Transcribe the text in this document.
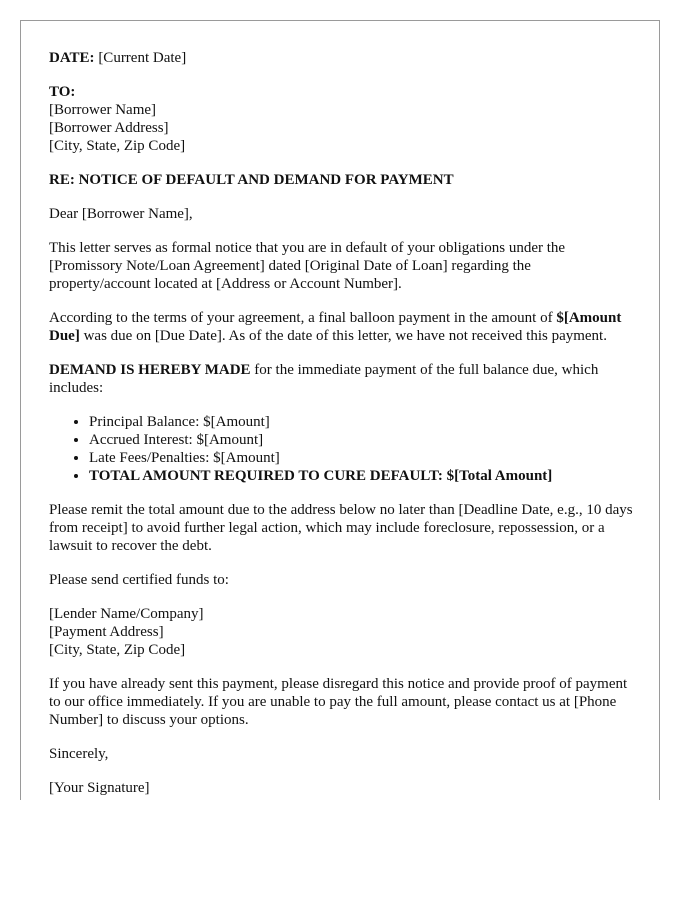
DATE: [Current Date]

TO:
[Borrower Name]
[Borrower Address]
[City, State, Zip Code]

RE: NOTICE OF DEFAULT AND DEMAND FOR PAYMENT

Dear [Borrower Name],

This letter serves as formal notice that you are in default of your obligations under the [Promissory Note/Loan Agreement] dated [Original Date of Loan] regarding the property/account located at [Address or Account Number].

According to the terms of your agreement, a final balloon payment in the amount of $[Amount Due] was due on [Due Date]. As of the date of this letter, we have not received this payment.

DEMAND IS HEREBY MADE for the immediate payment of the full balance due, which includes:

• Principal Balance: $[Amount]
• Accrued Interest: $[Amount]
• Late Fees/Penalties: $[Amount]
• TOTAL AMOUNT REQUIRED TO CURE DEFAULT: $[Total Amount]

Please remit the total amount due to the address below no later than [Deadline Date, e.g., 10 days from receipt] to avoid further legal action, which may include foreclosure, repossession, or a lawsuit to recover the debt.

Please send certified funds to:

[Lender Name/Company]
[Payment Address]
[City, State, Zip Code]

If you have already sent this payment, please disregard this notice and provide proof of payment to our office immediately. If you are unable to pay the full amount, please contact us at [Phone Number] to discuss your options.

Sincerely,

[Your Signature]
